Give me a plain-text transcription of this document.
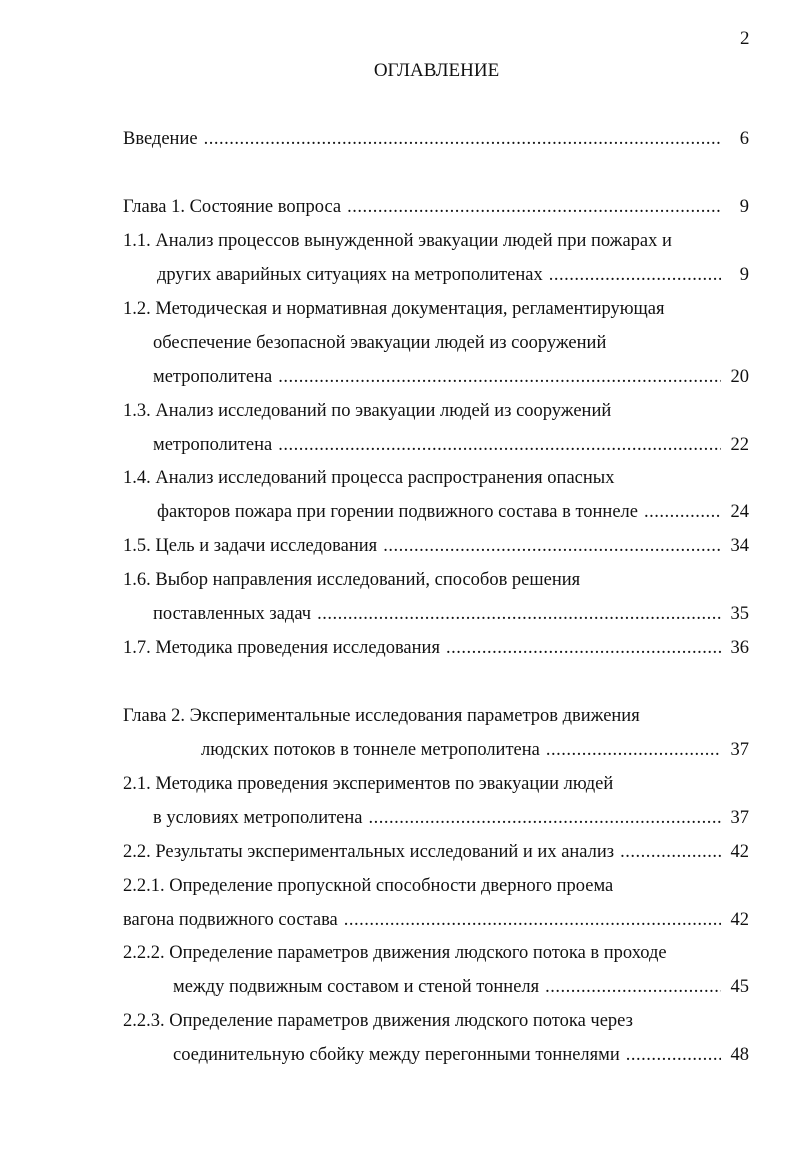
2
ОГЛАВЛЕНИЕ
Введение .....	6
Глава 1. Состояние вопроса .....	9
1.1. Анализ процессов вынужденной эвакуации людей при пожарах и
других аварийных ситуациях на метрополитенах .....	9
1.2. Методическая и нормативная документация, регламентирующая
обеспечение безопасной эвакуации людей из сооружений
метрополитена .....	20
1.3. Анализ исследований по эвакуации людей из сооружений
метрополитена .....	22
1.4. Анализ исследований процесса распространения опасных
факторов пожара при горении подвижного состава в тоннеле .....	24
1.5. Цель и задачи исследования .....	34
1.6. Выбор направления исследований, способов решения
поставленных задач .....	35
1.7. Методика проведения исследования .....	36
Глава 2. Экспериментальные исследования параметров движения
людских потоков в тоннеле метрополитена .....	37
2.1. Методика проведения экспериментов по эвакуации людей
в условиях метрополитена .....	37
2.2. Результаты экспериментальных исследований и их анализ .....	42
2.2.1. Определение пропускной способности дверного проема
вагона подвижного состава .....	42
2.2.2. Определение параметров движения людского потока в проходе
между подвижным составом и стеной тоннеля .....	45
2.2.3. Определение параметров движения людского потока через
соединительную сбойку между перегонными тоннелями .....	48
